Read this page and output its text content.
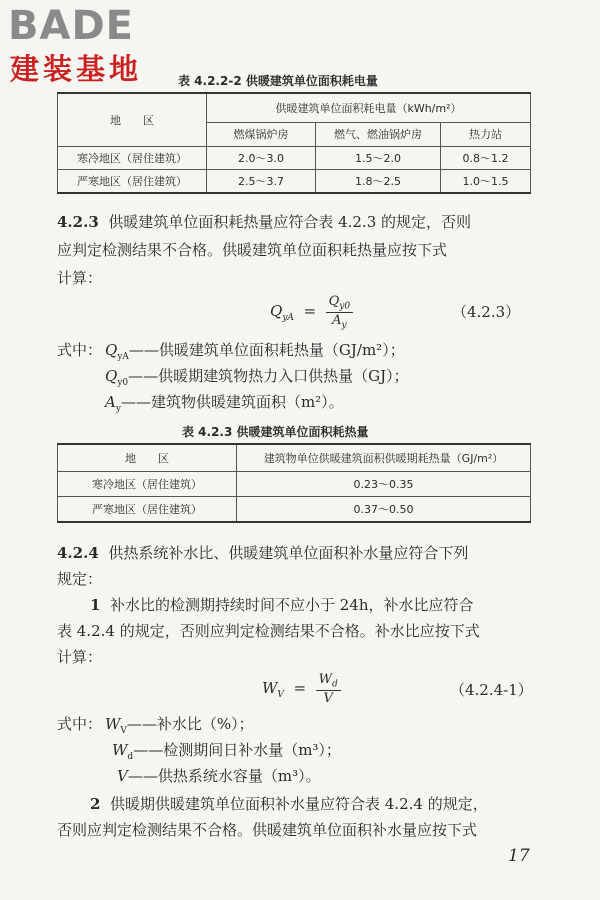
BADE
建装基地	表 4.2.2-2 供暖建筑单位面积耗电量
地　　区	供暖建筑单位面积耗电量（kWh/m²）		
	燃煤锅炉房	燃气、燃油锅炉房	热力站
寒冷地区（居住建筑）	2.0～3.0	1.5～2.0	0.8～1.2
严寒地区（居住建筑）	2.5～3.7	1.8～2.5	1.0～1.5
4.2.3 供暖建筑单位面积耗热量应符合表 4.2.3 的规定，否则
应判定检测结果不合格。供暖建筑单位面积耗热量应按下式
计算：
$Q_{yA} = \frac{Q_{y0}}{A_y}$	（4.2.3）
式中： $Q_{yA}——$供暖建筑单位面积耗热量（GJ/m²）；
$Q_{y0}——$供暖期建筑物热力入口供热量（GJ）；
$A_y——$建筑物供暖建筑面积（m²）。
表 4.2.3 供暖建筑单位面积耗热量
地　　区	建筑物单位供暖建筑面积供暖期耗热量（GJ/m²）
寒冷地区（居住建筑）	0.23～0.35
严寒地区（居住建筑）	0.37～0.50
4.2.4 供热系统补水比、供暖建筑单位面积补水量应符合下列
规定：
1 补水比的检测期持续时间不应小于 24h，补水比应符合
表 4.2.4 的规定，否则应判定检测结果不合格。补水比应按下式
计算：
$W_V = \frac{W_d}{V}$	（4.2.4-1）
式中： $W_V——$补水比（%）；
$W_d——$检测期间日补水量（m³）；
V——供热系统水容量（m³）。
2 供暖期供暖建筑单位面积补水量应符合表 4.2.4 的规定，
否则应判定检测结果不合格。供暖建筑单位面积补水量应按下式
17
